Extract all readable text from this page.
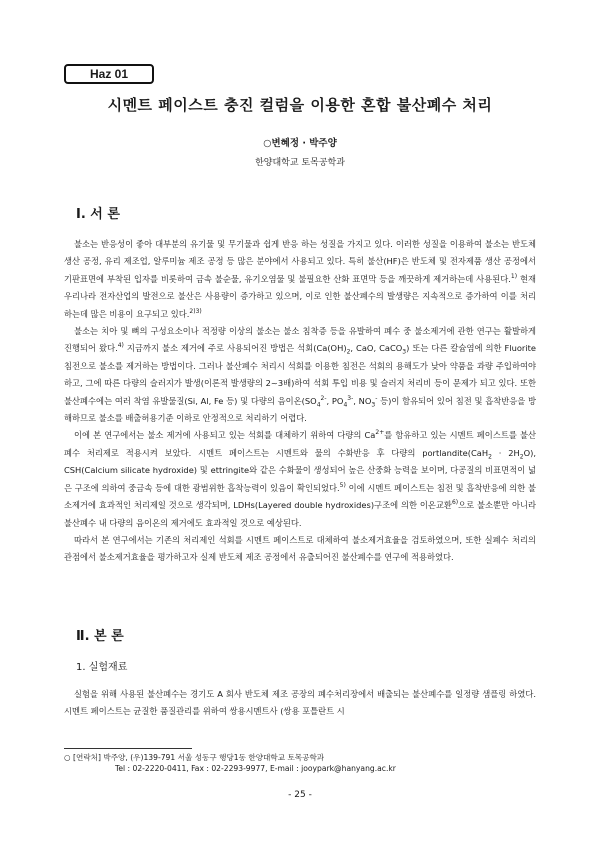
Haz 01
시멘트 페이스트 충진 컬럼을 이용한 혼합 불산폐수 처리
○변혜정 · 박주양
한양대학교 토목공학과
Ⅰ. 서 론

불소는 반응성이 좋아 대부분의 유기물 및 무기물과 쉽게 반응 하는 성질을 가지고 있다. 이러한 성질을 이용하여 불소는 반도체 생산 공정, 유리 제조업, 알루미늄 제조 공정 등 많은 분야에서 사용되고 있다. 특히 불산(HF)은 반도체 및 전자제품 생산 공정에서 기판표면에 부착된 입자를 비롯하여 금속 불순물, 유기오염물 및 불필요한 산화 표면막 등을 깨끗하게 제거하는데 사용된다.$^{1)}$ 현재 우리나라 전자산업의 발전으로 불산은 사용량이 증가하고 있으며, 이로 인한 불산폐수의 발생량은 지속적으로 증가하여 이를 처리하는데 많은 비용이 요구되고 있다.$^{2)3)}$

불소는 치아 및 뼈의 구성요소이나 적정량 이상의 불소는 불소 침착증 등을 유발하여 폐수 중 불소제거에 관한 연구는 활발하게 진행되어 왔다.$^{4)}$ 지금까지 불소 제거에 주로 사용되어진 방법은 석회($Ca(OH)_2$, CaO, CaCO$_3$) 또는 다른 칼슘염에 의한 Fluorite 침전으로 불소를 제거하는 방법이다. 그러나 불산폐수 처리시 석회를 이용한 침전은 석회의 용해도가 낮아 약품을 과량 주입하여야 하고, 그에 따른 다량의 슬러지가 발생(이론적 발생량의 2~3배)하여 석회 투입 비용 및 슬러지 처리비 등이 문제가 되고 있다. 또한 불산폐수에는 여러 착염 유발물질(Si, Al, Fe 등) 및 다량의 음이온($SO_4^{2-}$, $PO_4^{3-}$, $NO_3^-$ 등)이 함유되어 있어 침전 및 흡착반응을 방해하므로 불소를 배출허용기준 이하로 안정적으로 처리하기 어렵다.

이에 본 연구에서는 불소 제거에 사용되고 있는 석회를 대체하기 위하여 다량의 $Ca^{2+}$를 함유하고 있는 시멘트 페이스트를 불산폐수 처리제로 적용시켜 보았다. 시멘트 페이스트는 시멘트와 물의 수화반응 후 다량의 portlandite(CaH$_2$ · $2H_2O$), CSH(Calcium silicate hydroxide) 및 ettringite와 같은 수화물이 생성되어 높은 산중화 능력을 보이며, 다공질의 비표면적이 넓은 구조에 의하여 중금속 등에 대한 광범위한 흡착능력이 있음이 확인되었다.$^{5)}$ 이에 시멘트 페이스트는 침전 및 흡착반응에 의한 불소제거에 효과적인 처리제일 것으로 생각되며, LDHs(Layered double hydroxides)구조에 의한 이온교환$^{6)}$으로 불소뿐만 아니라 불산폐수 내 다량의 음이온의 제거에도 효과적일 것으로 예상된다.

따라서 본 연구에서는 기존의 처리제인 석회를 시멘트 페이스트로 대체하여 불소제거효율을 검토하였으며, 또한 실폐수 처리의 관점에서 불소제거효율을 평가하고자 실제 반도체 제조 공정에서 유출되어진 불산폐수를 연구에 적용하였다.

Ⅱ. 본 론
1. 실험재료

실험을 위해 사용된 불산폐수는 경기도 A 회사 반도체 제조 공장의 폐수처리장에서 배출되는 불산폐수를 일정량 샘플링 하였다. 시멘트 페이스트는 균질한 품질관리를 위하여 쌍용시멘트사 (쌍용 포틀란트 시

○ [연락처] 박주양, (우)139-791 서울 성동구 행당1동 한양대학교 토목공학과
Tel : 02-2220-0411, Fax : 02-2293-9977, E-mail : jooypark@hanyang.ac.kr
- 25 -
